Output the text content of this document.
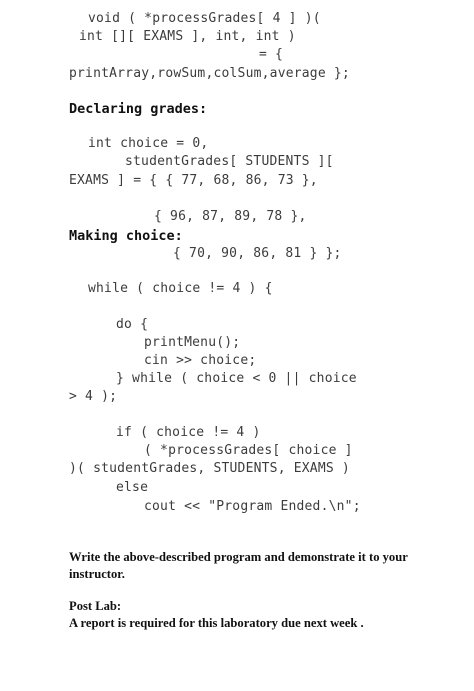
void ( *processGrades[ 4 ] )(
int [][ EXAMS ], int, int )
= {
printArray,rowSum,colSum,average };
Declaring grades:
int choice = 0,
studentGrades[ STUDENTS ][
EXAMS ] = { { 77, 68, 86, 73 },
{ 96, 87, 89, 78 },
Making choice:
{ 70, 90, 86, 81 } };
while ( choice != 4 ) {
do {
printMenu();
cin >> choice;
} while ( choice < 0 || choice
> 4 );
if ( choice != 4 )
( *processGrades[ choice ]
)( studentGrades, STUDENTS, EXAMS )
else
cout << "Program Ended.\n";
Write the above-described program and demonstrate it to your instructor.
Post Lab:
A report is required for this laboratory due next week .
